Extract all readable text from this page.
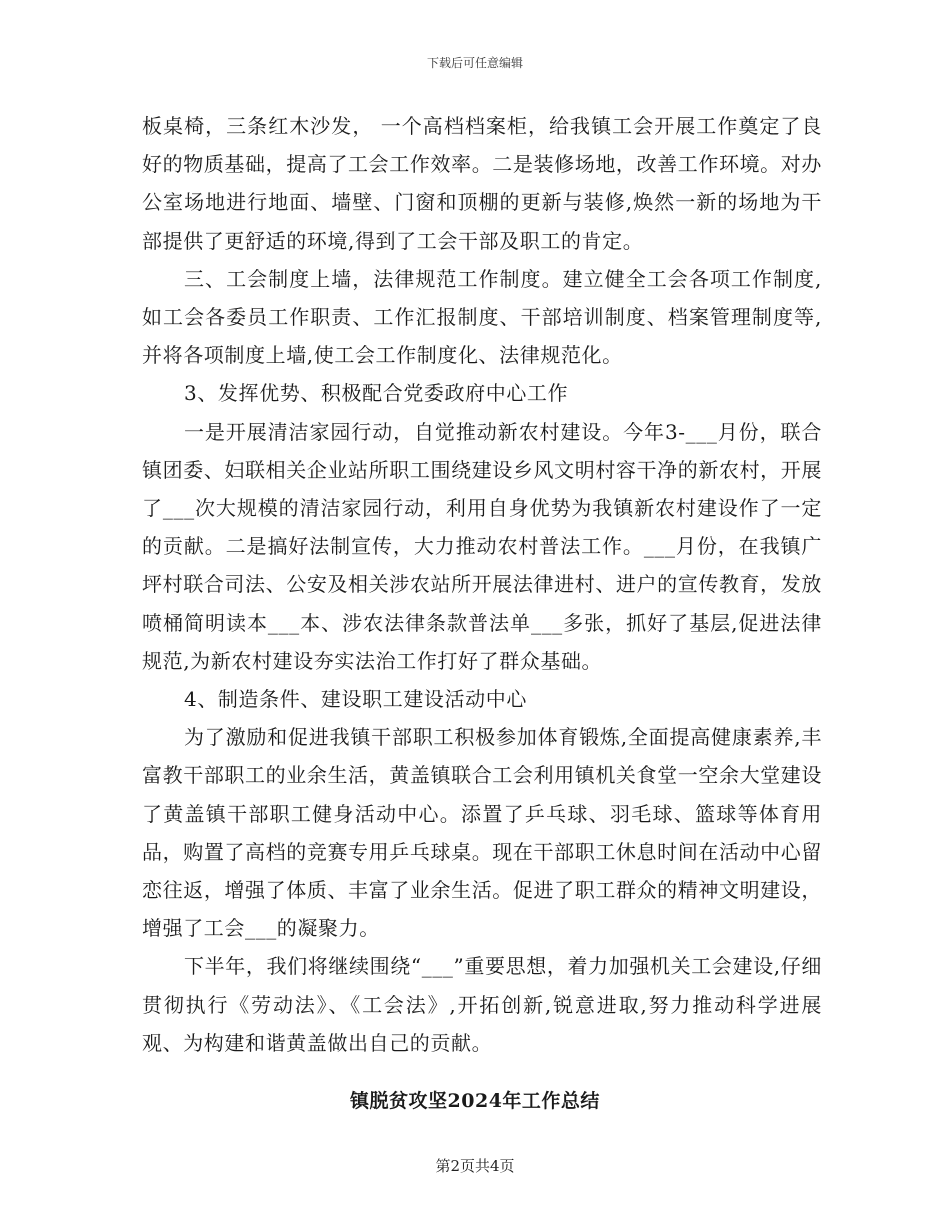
下载后可任意编辑

板桌椅，三条红木沙发， 一个高档档案柜，给我镇工会开展工作奠定了良好的物质基础，提高了工会工作效率。二是装修场地，改善工作环境。对办公室场地进行地面、墙壁、门窗和顶棚的更新与装修,焕然一新的场地为干部提供了更舒适的环境,得到了工会干部及职工的肯定。

三、工会制度上墙，法律规范工作制度。建立健全工会各项工作制度,如工会各委员工作职责、工作汇报制度、干部培训制度、档案管理制度等,并将各项制度上墙,使工会工作制度化、法律规范化。

3、发挥优势、积极配合党委政府中心工作

一是开展清洁家园行动，自觉推动新农村建设。今年3-___月份，联合镇团委、妇联相关企业站所职工围绕建设乡风文明村容干净的新农村，开展了___次大规模的清洁家园行动，利用自身优势为我镇新农村建设作了一定的贡献。二是搞好法制宣传，大力推动农村普法工作。___月份，在我镇广坪村联合司法、公安及相关涉农站所开展法律进村、进户的宣传教育，发放喷桶简明读本___本、涉农法律条款普法单___多张，抓好了基层,促进法律规范,为新农村建设夯实法治工作打好了群众基础。

4、制造条件、建设职工建设活动中心

为了激励和促进我镇干部职工积极参加体育锻炼,全面提高健康素养,丰富教干部职工的业余生活，黄盖镇联合工会利用镇机关食堂一空余大堂建设了黄盖镇干部职工健身活动中心。添置了乒乓球、羽毛球、篮球等体育用品，购置了高档的竞赛专用乒乓球桌。现在干部职工休息时间在活动中心留恋往返，增强了体质、丰富了业余生活。促进了职工群众的精神文明建设，增强了工会___的凝聚力。

下半年，我们将继续围绕“___”重要思想，着力加强机关工会建设,仔细贯彻执行《劳动法》、《工会法》,开拓创新,锐意进取,努力推动科学进展观、为构建和谐黄盖做出自己的贡献。

镇脱贫攻坚2024年工作总结
第2页共4页
